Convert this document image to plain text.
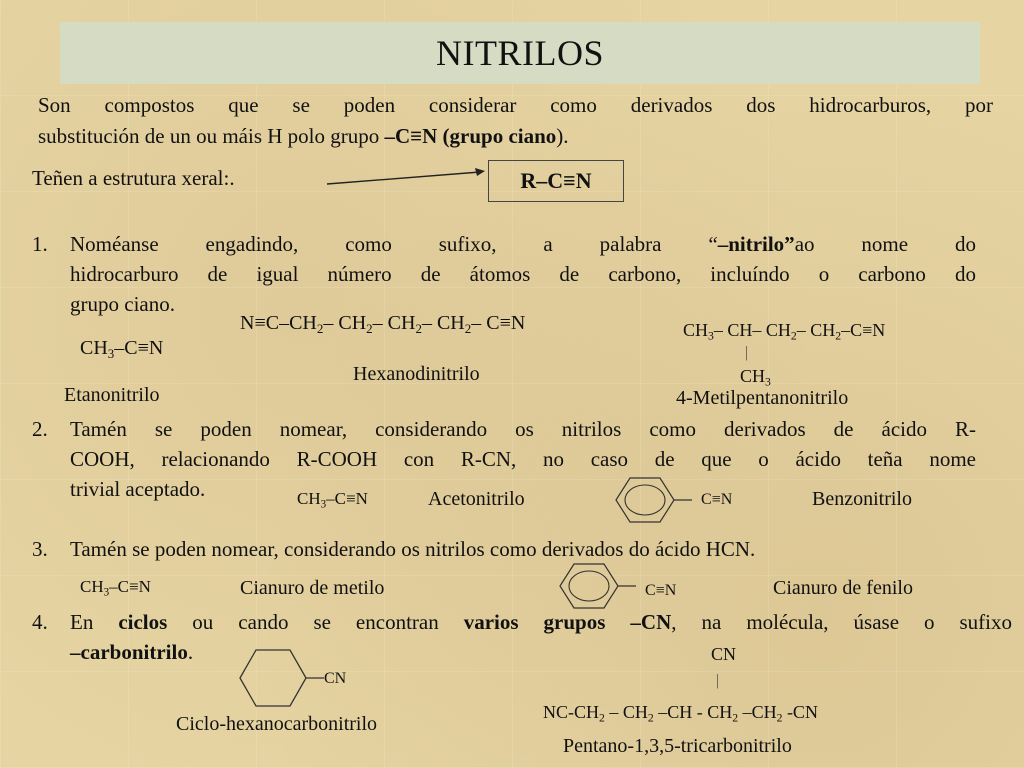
NITRILOS
Son compostos que se poden considerar como derivados dos hidrocarburos, por
substitución de un ou máis H polo grupo –C≡N (grupo ciano).
Teñen a estrutura xeral:.	R–C≡N
1. Noméanse engadindo, como sufixo, a palabra “–nitrilo”ao nome do
hidrocarburo de igual número de átomos de carbono, incluíndo o carbono do
grupo ciano.
$CH_3-C\equiv N$
Etanonitrilo
$N\equiv C-CH_2-$ $CH_2-$ $CH_2-$ $CH_2-$ C≡N
Hexanodinitrilo
$CH_3-$ CH– $CH_2-$ $CH_2-C\equiv N$
|
$CH_3$
4-Metilpentanonitrilo
2. Tamén se poden nomear, considerando os nitrilos como derivados de ácido R-
COOH, relacionando R-COOH con R-CN, no caso de que o ácido teña nome
trivial aceptado.	$CH_3-C\equiv N$	Acetonitrilo	C≡N	Benzonitrilo
3. Tamén se poden nomear, considerando os nitrilos como derivados do ácido HCN.
$CH_3-C\equiv N$	Cianuro de metilo	C≡N	Cianuro de fenilo
4. En ciclos ou cando se encontran varios grupos –CN, na molécula, úsase o sufixo
–carbonitrilo.
CN
Ciclo-hexanocarbonitrilo
CN
|
$NC-CH_2 - CH_2$ $-CH - CH_2$ $-CH_2$ -CN
Pentano-1,3,5-tricarbonitrilo
